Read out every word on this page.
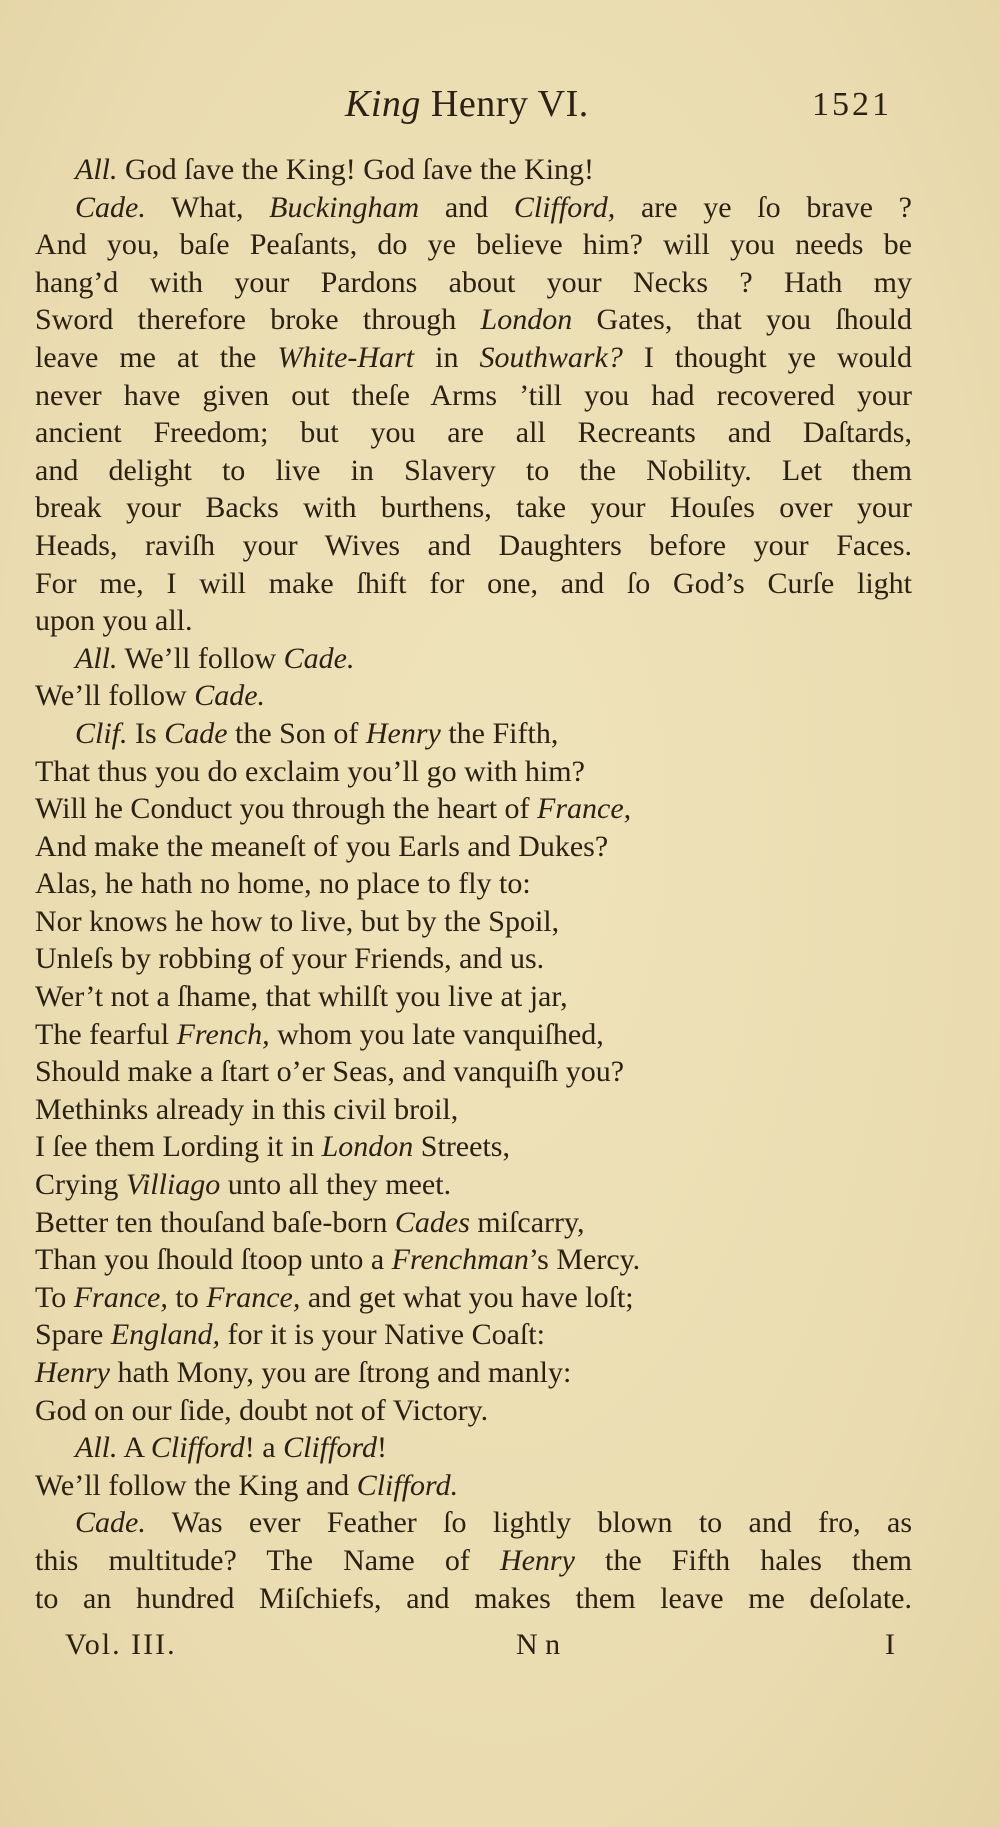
King Henry VI.	1521
All. God ſave the King! God ſave the King!
Cade. What, Buckingham and Clifford, are ye ſo brave ?
And you, baſe Peaſants, do ye believe him? will you needs be
hang’d with your Pardons about your Necks ? Hath my
Sword therefore broke through London Gates, that you ſhould
leave me at the White-Hart in Southwark? I thought ye would
never have given out theſe Arms ’till you had recovered your
ancient Freedom; but you are all Recreants and Daſtards,
and delight to live in Slavery to the Nobility. Let them
break your Backs with burthens, take your Houſes over your
Heads, raviſh your Wives and Daughters before your Faces.
For me, I will make ſhift for one, and ſo God’s Curſe light
upon you all.
All. We’ll follow Cade.
We’ll follow Cade.
Clif. Is Cade the Son of Henry the Fifth,
That thus you do exclaim you’ll go with him?
Will he Conduct you through the heart of France,
And make the meaneſt of you Earls and Dukes?
Alas, he hath no home, no place to fly to:
Nor knows he how to live, but by the Spoil,
Unleſs by robbing of your Friends, and us.
Wer’t not a ſhame, that whilſt you live at jar,
The fearful French, whom you late vanquiſhed,
Should make a ſtart o’er Seas, and vanquiſh you?
Methinks already in this civil broil,
I ſee them Lording it in London Streets,
Crying Villiago unto all they meet.
Better ten thouſand baſe-born Cades miſcarry,
Than you ſhould ſtoop unto a Frenchman’s Mercy.
To France, to France, and get what you have loſt;
Spare England, for it is your Native Coaſt:
Henry hath Mony, you are ſtrong and manly:
God on our ſide, doubt not of Victory.
All. A Clifford! a Clifford!
We’ll follow the King and Clifford.
Cade. Was ever Feather ſo lightly blown to and fro, as
this multitude? The Name of Henry the Fifth hales them
to an hundred Miſchiefs, and makes them leave me deſolate.
Vol. III.	N n	I
